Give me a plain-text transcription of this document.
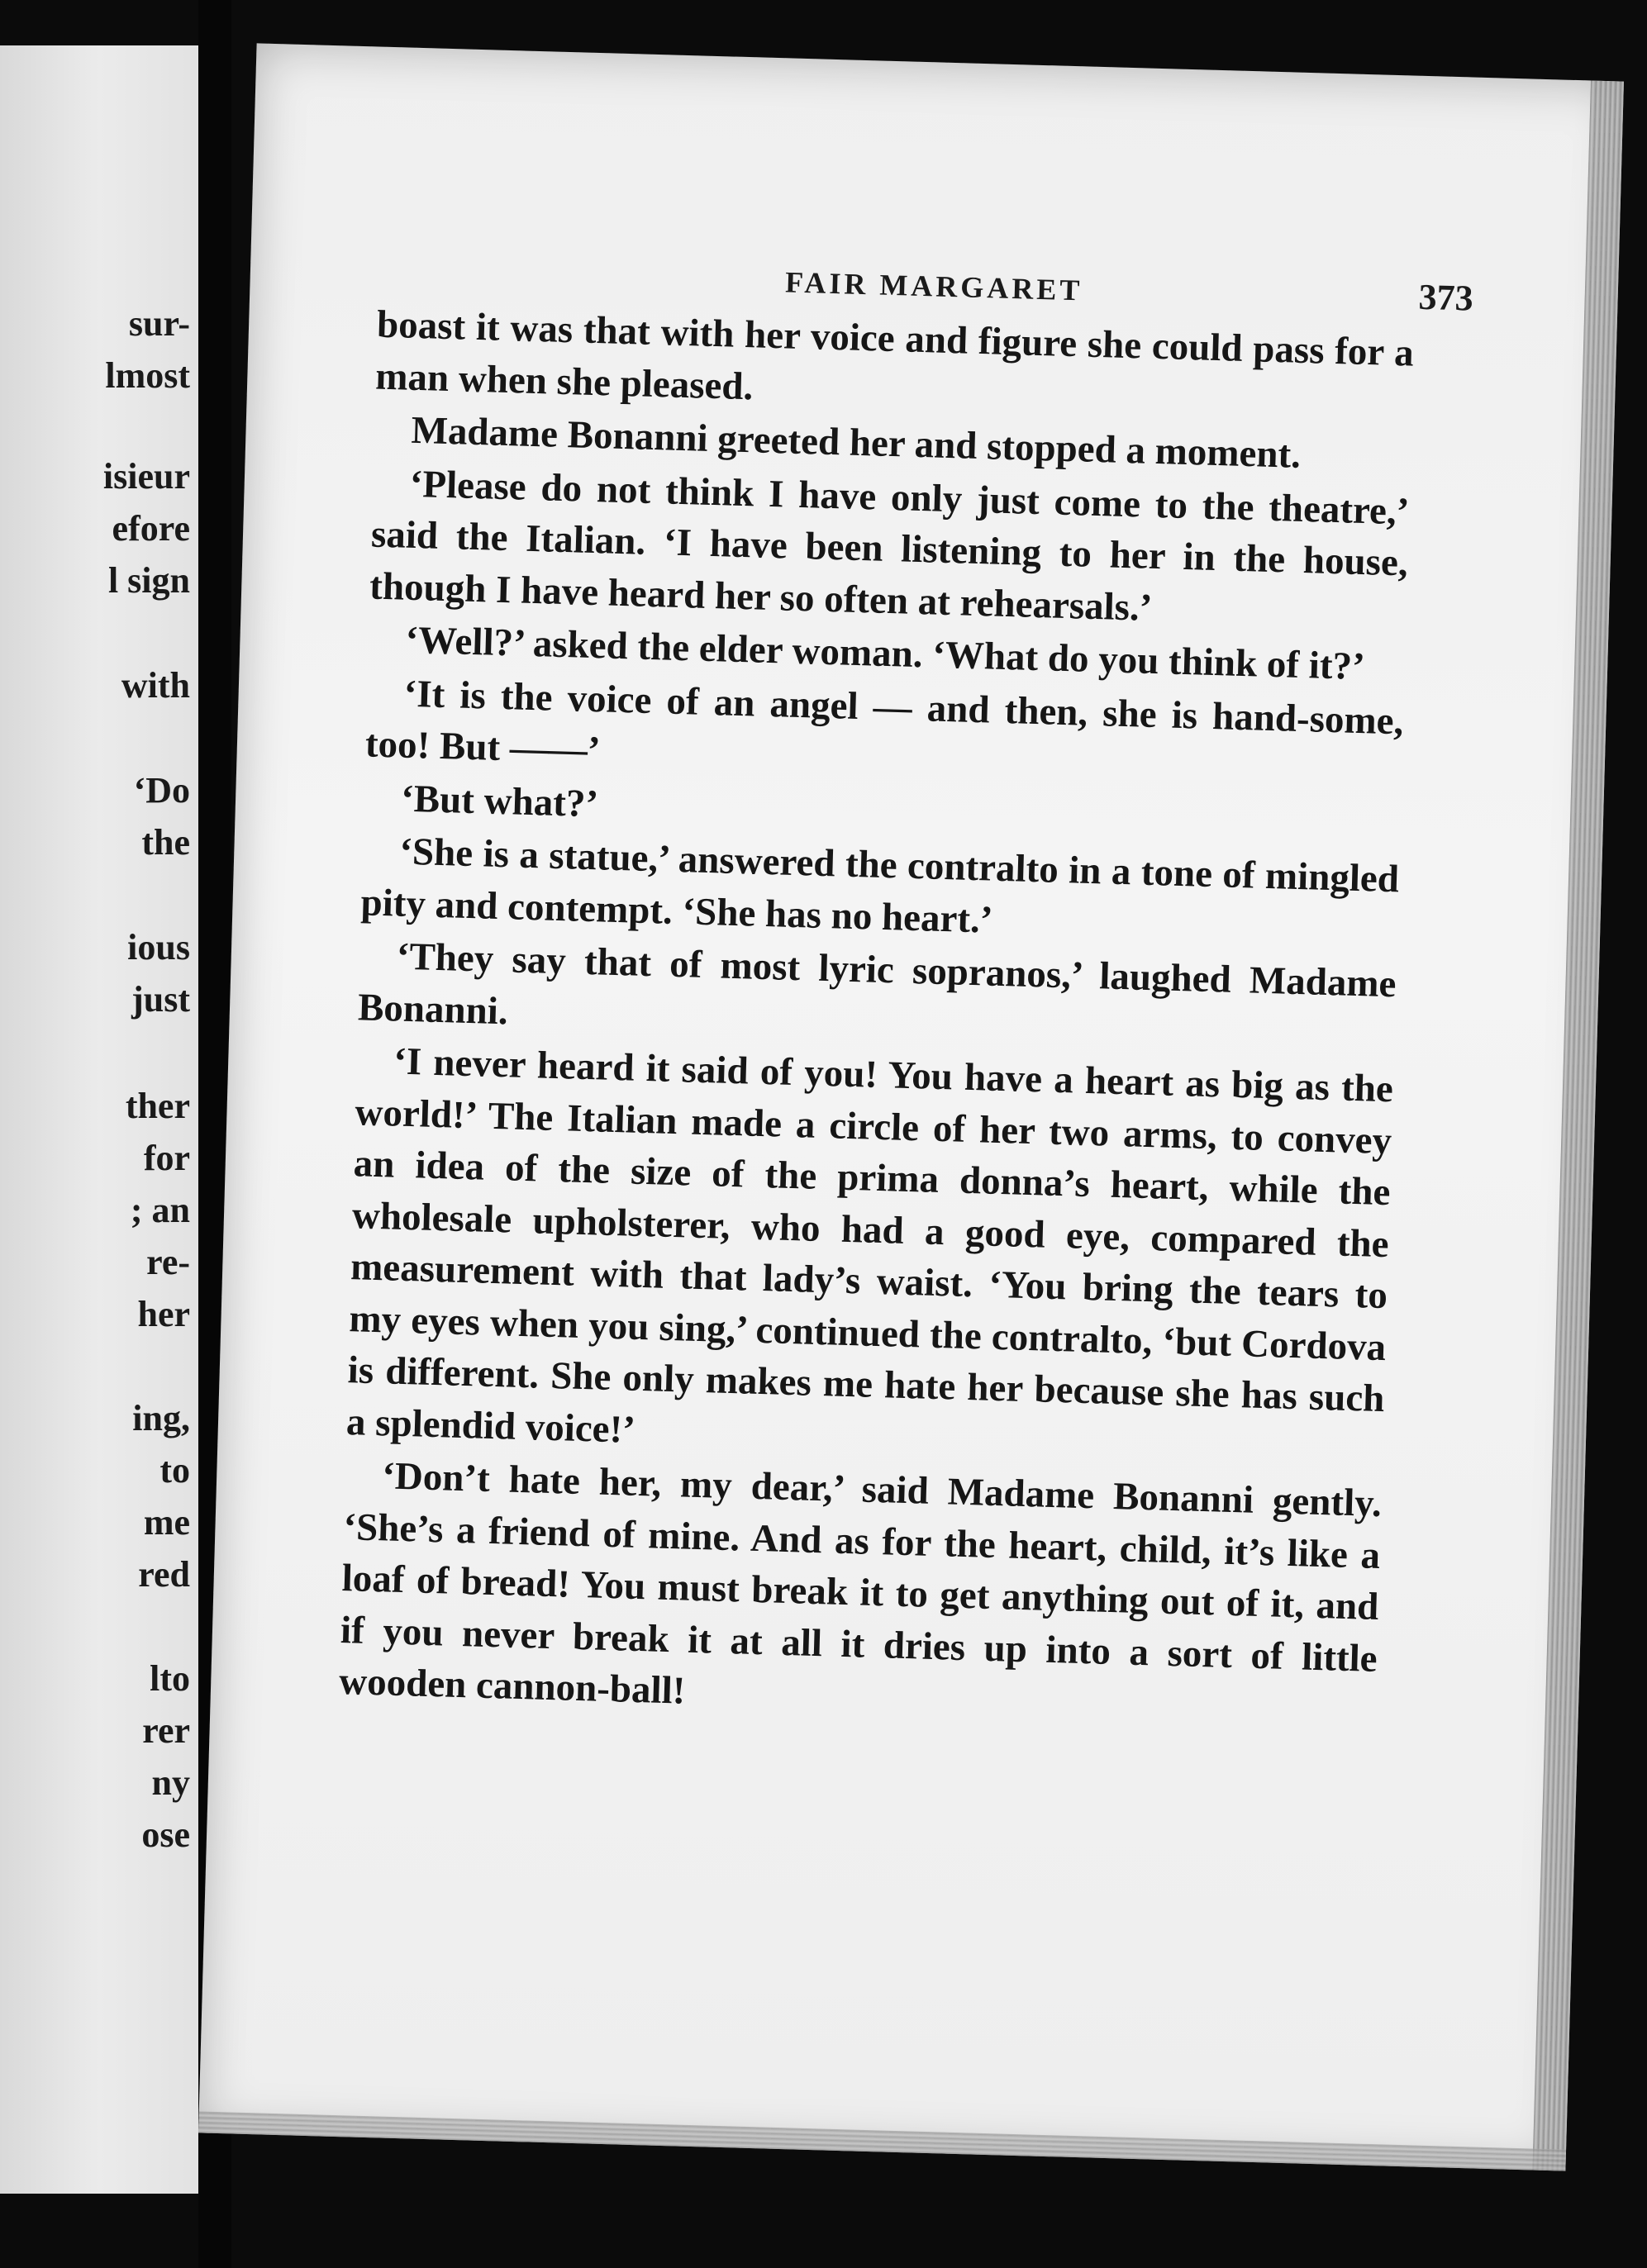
sur-
lmost
isieur
efore
l sign
with
‘Do
the
ious
just
ther
for
; an
re-
her
ing,
to
me
red
lto
rer
ny
ose
FAIR MARGARET	373

boast it was that with her voice and figure she could pass for a man when she pleased.

Madame Bonanni greeted her and stopped a moment.

‘Please do not think I have only just come to the theatre,’ said the Italian. ‘I have been listening to her in the house, though I have heard her so often at rehearsals.’

‘Well?’ asked the elder woman. ‘What do you think of it?’

‘It is the voice of an angel — and then, she is hand-some, too! But ——’

‘But what?’

‘She is a statue,’ answered the contralto in a tone of mingled pity and contempt. ‘She has no heart.’

‘They say that of most lyric sopranos,’ laughed Madame Bonanni.

‘I never heard it said of you! You have a heart as big as the world!’ The Italian made a circle of her two arms, to convey an idea of the size of the prima donna’s heart, while the wholesale upholsterer, who had a good eye, compared the measurement with that lady’s waist. ‘You bring the tears to my eyes when you sing,’ continued the contralto, ‘but Cordova is different. She only makes me hate her because she has such a splendid voice!’

‘Don’t hate her, my dear,’ said Madame Bonanni gently. ‘She’s a friend of mine. And as for the heart, child, it’s like a loaf of bread! You must break it to get anything out of it, and if you never break it at all it dries up into a sort of little wooden cannon-ball!
